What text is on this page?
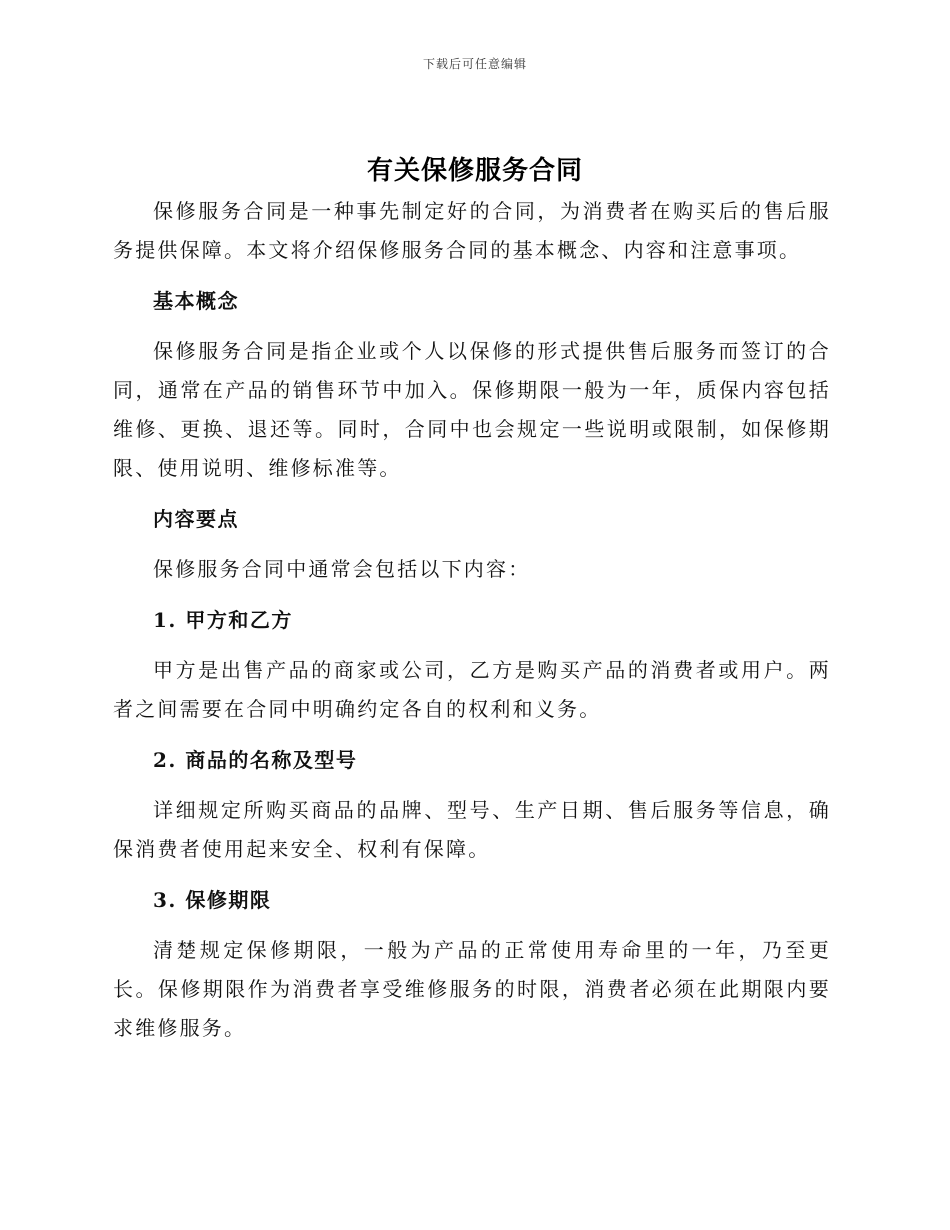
下载后可任意编辑
有关保修服务合同

保修服务合同是一种事先制定好的合同，为消费者在购买后的售后服务提供保障。本文将介绍保修服务合同的基本概念、内容和注意事项。

基本概念

保修服务合同是指企业或个人以保修的形式提供售后服务而签订的合同，通常在产品的销售环节中加入。保修期限一般为一年，质保内容包括维修、更换、退还等。同时，合同中也会规定一些说明或限制，如保修期限、使用说明、维修标准等。

内容要点

保修服务合同中通常会包括以下内容：

1. 甲方和乙方

甲方是出售产品的商家或公司，乙方是购买产品的消费者或用户。两者之间需要在合同中明确约定各自的权利和义务。

2. 商品的名称及型号

详细规定所购买商品的品牌、型号、生产日期、售后服务等信息，确保消费者使用起来安全、权利有保障。

3. 保修期限

清楚规定保修期限，一般为产品的正常使用寿命里的一年，乃至更长。保修期限作为消费者享受维修服务的时限，消费者必须在此期限内要求维修服务。
